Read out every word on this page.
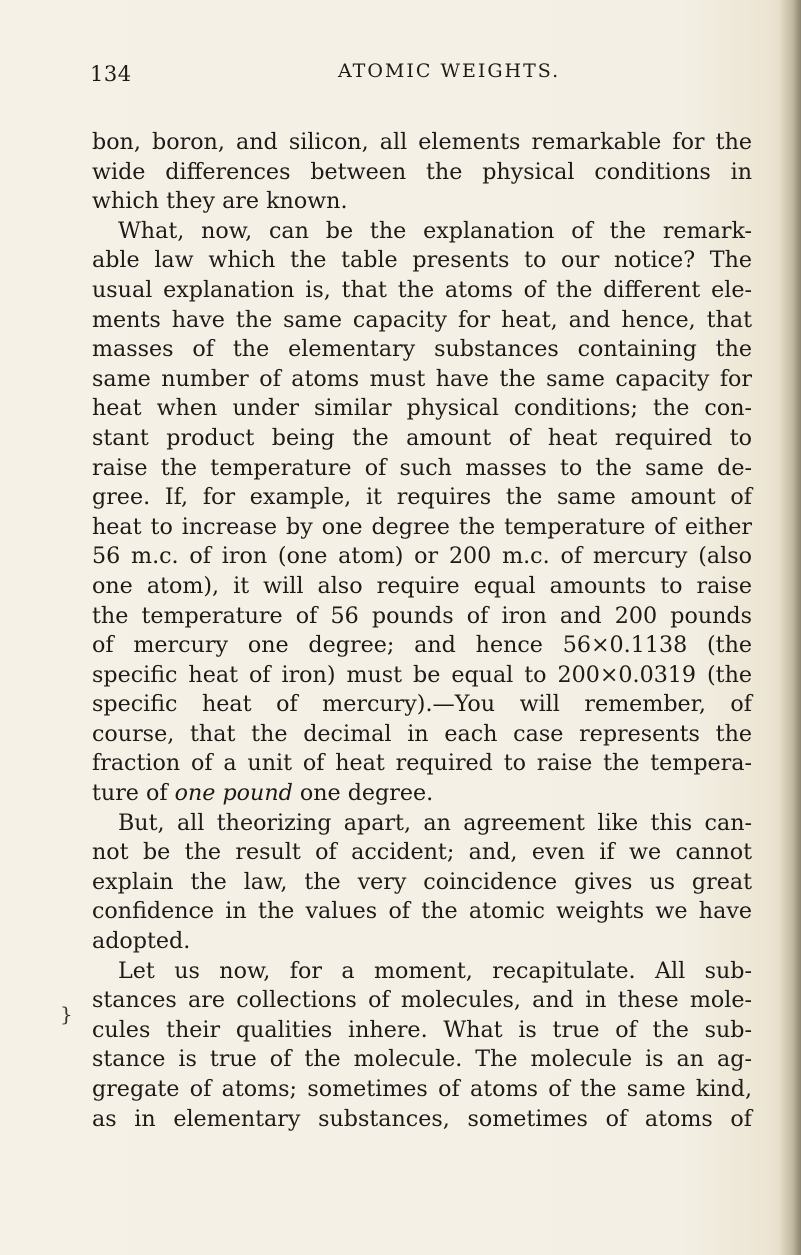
134	ATOMIC WEIGHTS.
}
bon, boron, and silicon, all elements remarkable for the
wide differences between the physical conditions in
which they are known.
What, now, can be the explanation of the remark-
able law which the table presents to our notice? The
usual explanation is, that the atoms of the different ele-
ments have the same capacity for heat, and hence, that
masses of the elementary substances containing the
same number of atoms must have the same capacity for
heat when under similar physical conditions; the con-
stant product being the amount of heat required to
raise the temperature of such masses to the same de-
gree. If, for example, it requires the same amount of
heat to increase by one degree the temperature of either
56 m.c. of iron (one atom) or 200 m.c. of mercury (also
one atom), it will also require equal amounts to raise
the temperature of 56 pounds of iron and 200 pounds
of mercury one degree; and hence 56×0.1138 (the
specific heat of iron) must be equal to 200×0.0319 (the
specific heat of mercury).—You will remember, of
course, that the decimal in each case represents the
fraction of a unit of heat required to raise the tempera-
ture of one pound one degree.
But, all theorizing apart, an agreement like this can-
not be the result of accident; and, even if we cannot
explain the law, the very coincidence gives us great
confidence in the values of the atomic weights we have
adopted.
Let us now, for a moment, recapitulate. All sub-
stances are collections of molecules, and in these mole-
cules their qualities inhere. What is true of the sub-
stance is true of the molecule. The molecule is an ag-
gregate of atoms; sometimes of atoms of the same kind,
as in elementary substances, sometimes of atoms of
